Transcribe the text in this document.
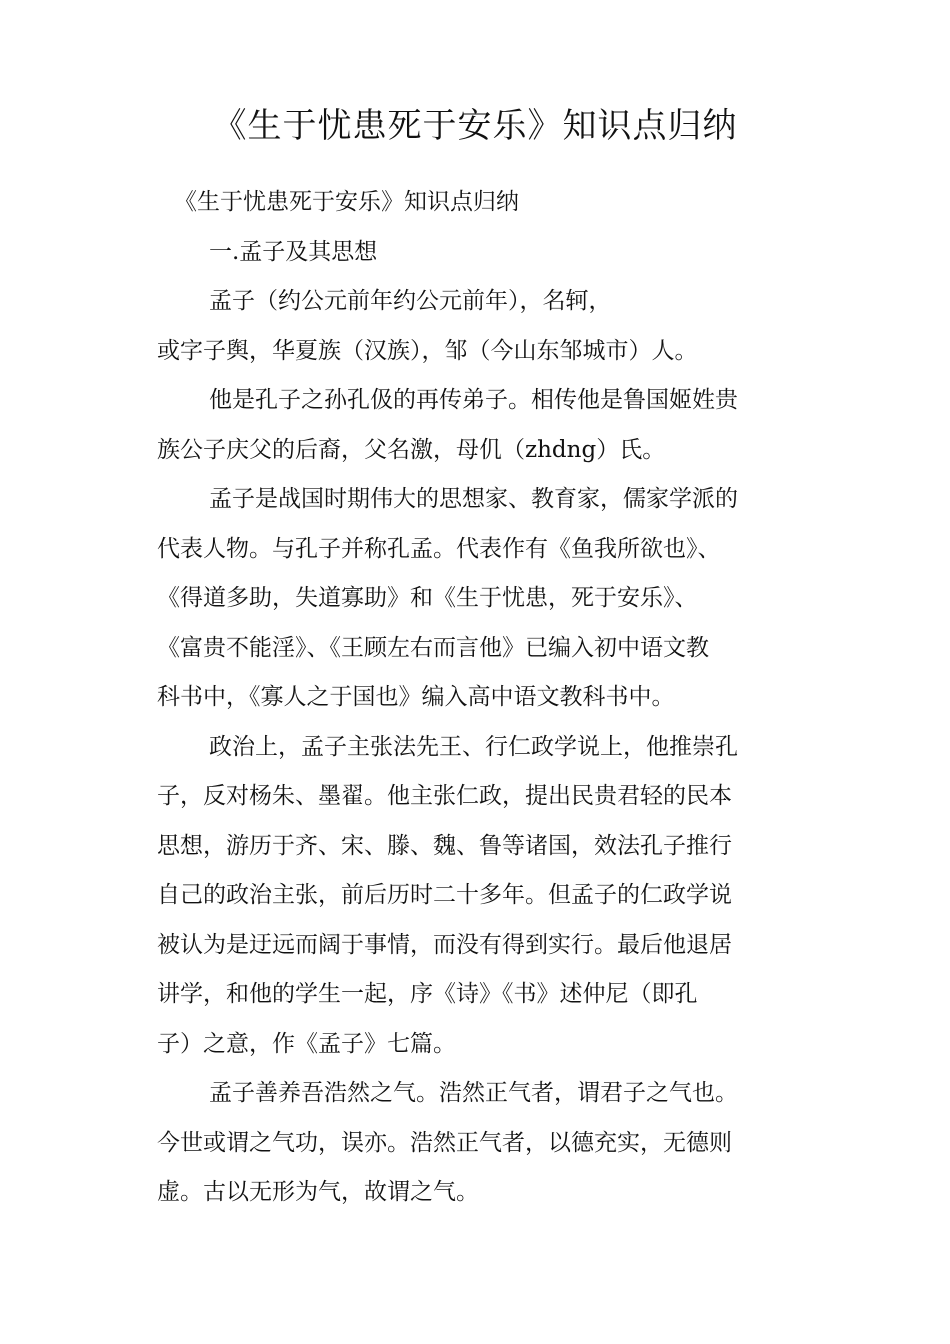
《生于忧患死于安乐》知识点归纳
《生于忧患死于安乐》知识点归纳
一.孟子及其思想
孟子（约公元前年约公元前年），名轲，
或字子舆，华夏族（汉族），邹（今山东邹城市）人。
他是孔子之孙孔伋的再传弟子。相传他是鲁国姬姓贵
族公子庆父的后裔，父名激，母仉（zhdng）氏。
孟子是战国时期伟大的思想家、教育家，儒家学派的
代表人物。与孔子并称孔孟。代表作有《鱼我所欲也》、
《得道多助，失道寡助》和《生于忧患，死于安乐》、
《富贵不能淫》、《王顾左右而言他》已编入初中语文教
科书中，《寡人之于国也》编入高中语文教科书中。
政治上，孟子主张法先王、行仁政学说上，他推崇孔
子，反对杨朱、墨翟。他主张仁政，提出民贵君轻的民本
思想，游历于齐、宋、滕、魏、鲁等诸国，效法孔子推行
自己的政治主张，前后历时二十多年。但孟子的仁政学说
被认为是迂远而阔于事情，而没有得到实行。最后他退居
讲学，和他的学生一起，序《诗》《书》述仲尼（即孔
子）之意，作《孟子》七篇。
孟子善养吾浩然之气。浩然正气者，谓君子之气也。
今世或谓之气功，误亦。浩然正气者，以德充实，无德则
虚。古以无形为气，故谓之气。
